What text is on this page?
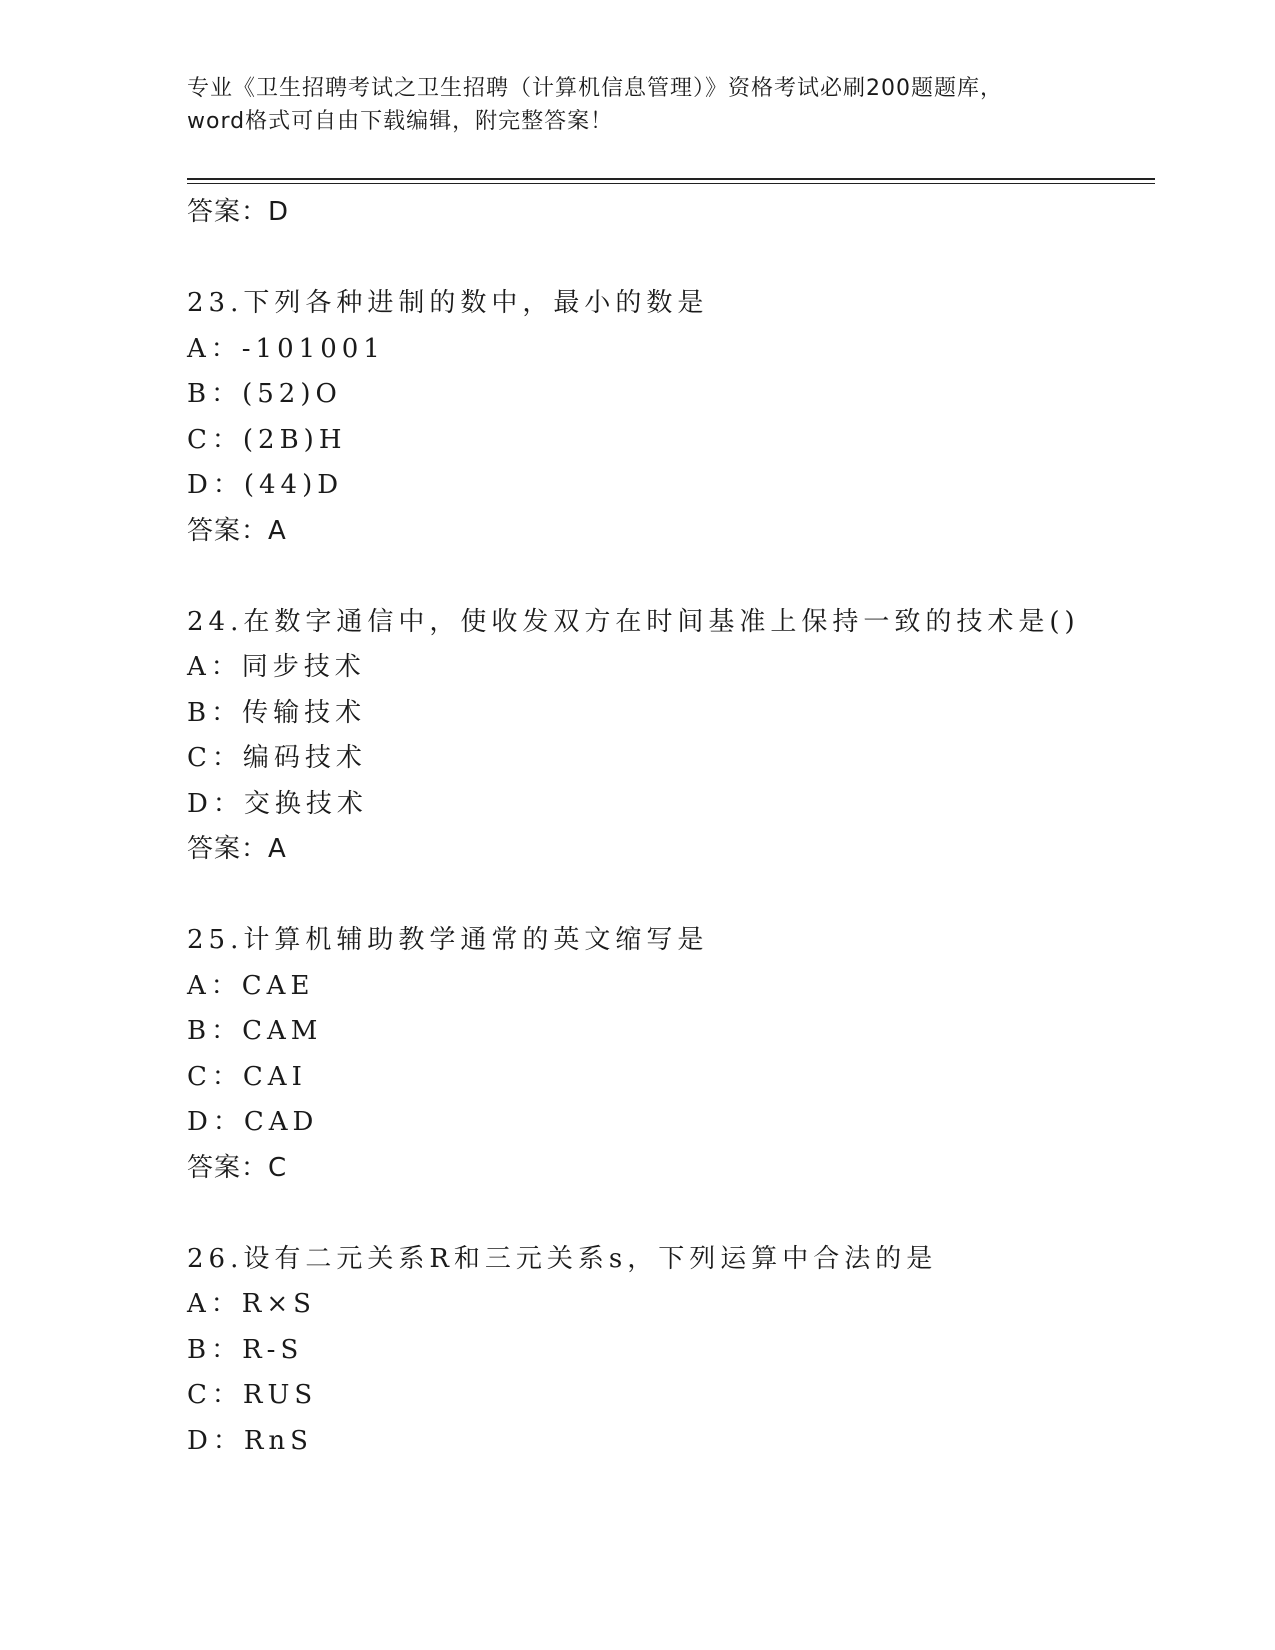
专业《卫生招聘考试之卫生招聘（计算机信息管理）》资格考试必刷200题题库，
word格式可自由下载编辑，附完整答案！
答案：D
23.下列各种进制的数中，最小的数是
A：-101001
B：(52)O
C：(2B)H
D：(44)D
答案：A
24.在数字通信中，使收发双方在时间基准上保持一致的技术是()
A：同步技术
B：传输技术
C：编码技术
D：交换技术
答案：A
25.计算机辅助教学通常的英文缩写是
A：CAE
B：CAM
C：CAI
D：CAD
答案：C
26.设有二元关系R和三元关系s，下列运算中合法的是
A：R×S
B：R-S
C：RUS
D：RnS
